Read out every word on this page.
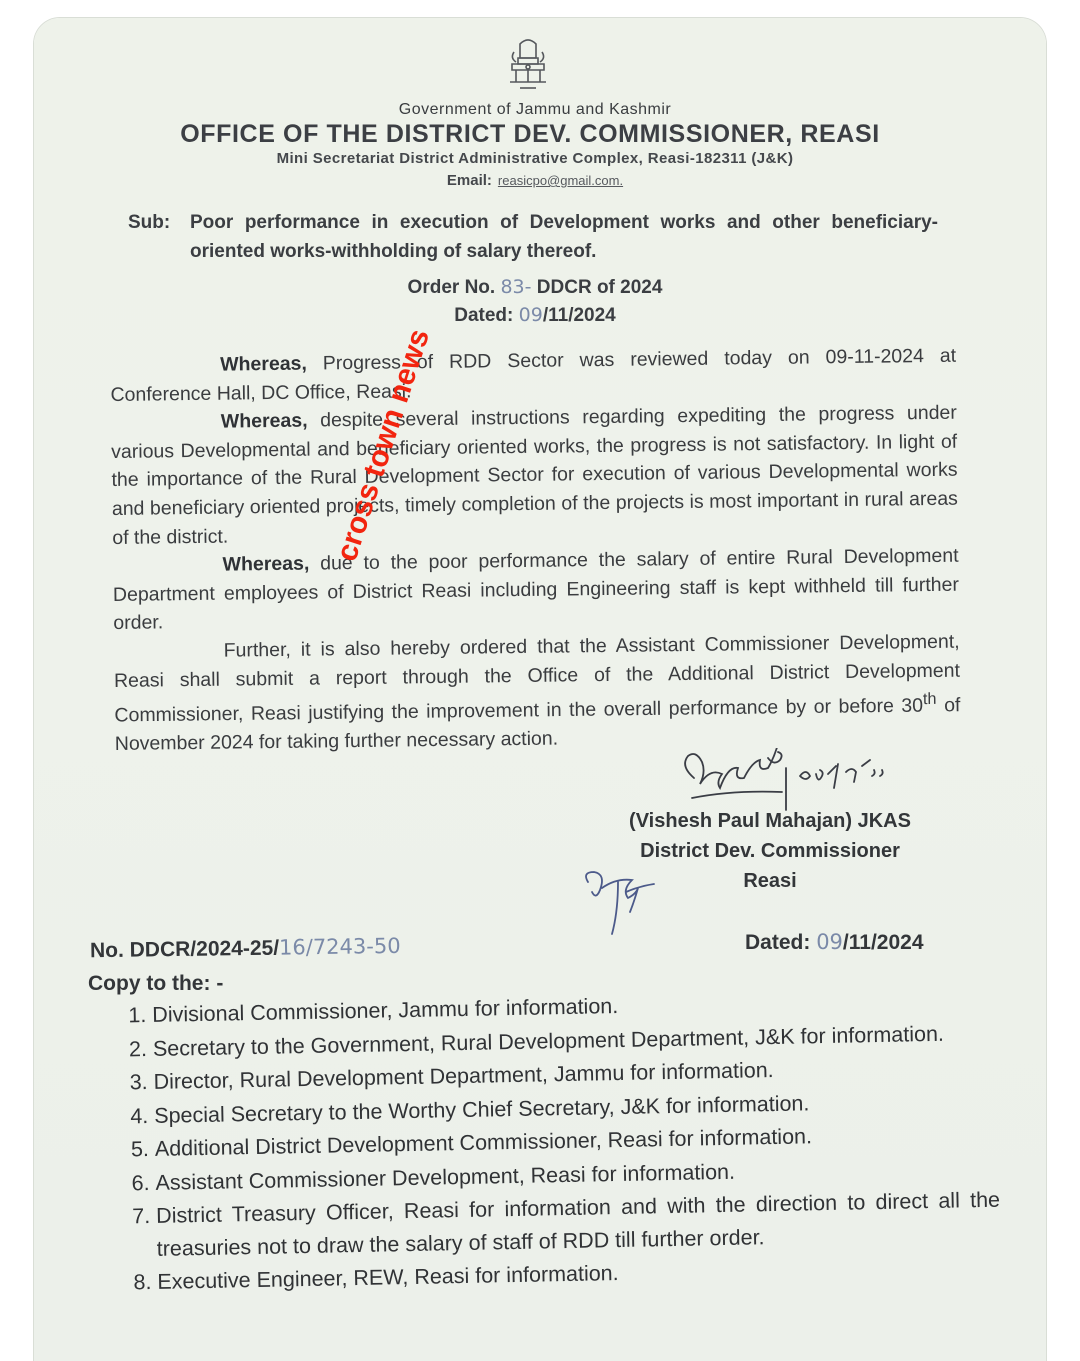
Government of Jammu and Kashmir
OFFICE OF THE DISTRICT DEV. COMMISSIONER, REASI
Mini Secretariat District Administrative Complex, Reasi-182311 (J&K)
Email: reasicpo@gmail.com.
Sub: Poor performance in execution of Development works and other beneficiary-oriented works-withholding of salary thereof.
Order No. 83- DDCR of 2024
Dated: 09/11/2024

Whereas, Progress of RDD Sector was reviewed today on 09-11-2024 at Conference Hall, DC Office, Reasi.

Whereas, despite several instructions regarding expediting the progress under various Developmental and beneficiary oriented works, the progress is not satisfactory. In light of the importance of the Rural Development Sector for execution of various Developmental works and beneficiary oriented projects, timely completion of the projects is most important in rural areas of the district.

Whereas, due to the poor performance the salary of entire Rural Development Department employees of District Reasi including Engineering staff is kept withheld till further order.

Further, it is also hereby ordered that the Assistant Commissioner Development, Reasi shall submit a report through the Office of the Additional District Development Commissioner, Reasi justifying the improvement in the overall performance by or before 30th of November 2024 for taking further necessary action.

cross town news
(Vishesh Paul Mahajan) JKAS
District Dev. Commissioner
Reasi
No. DDCR/2024-25/16/7243-50	Dated: 09/11/2024
Copy to the: -
1. Divisional Commissioner, Jammu for information.
2. Secretary to the Government, Rural Development Department, J&K for information.
3. Director, Rural Development Department, Jammu for information.
4. Special Secretary to the Worthy Chief Secretary, J&K for information.
5. Additional District Development Commissioner, Reasi for information.
6. Assistant Commissioner Development, Reasi for information.
7. District Treasury Officer, Reasi for information and with the direction to direct all the treasuries not to draw the salary of staff of RDD till further order.
8. Executive Engineer, REW, Reasi for information.
